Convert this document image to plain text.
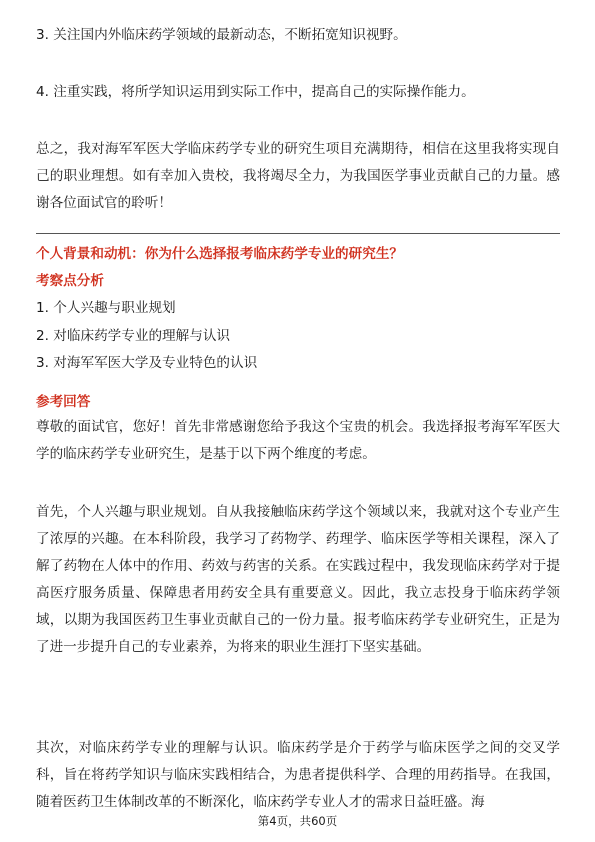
3. 关注国内外临床药学领域的最新动态，不断拓宽知识视野。

4. 注重实践，将所学知识运用到实际工作中，提高自己的实际操作能力。

总之，我对海军军医大学临床药学专业的研究生项目充满期待，相信在这里我将实现自己的职业理想。如有幸加入贵校，我将竭尽全力，为我国医学事业贡献自己的力量。感谢各位面试官的聆听！

个人背景和动机：你为什么选择报考临床药学专业的研究生？

考察点分析

1. 个人兴趣与职业规划
2. 对临床药学专业的理解与认识
3. 对海军军医大学及专业特色的认识

参考回答

尊敬的面试官，您好！首先非常感谢您给予我这个宝贵的机会。我选择报考海军军医大学的临床药学专业研究生，是基于以下两个维度的考虑。

首先，个人兴趣与职业规划。自从我接触临床药学这个领域以来，我就对这个专业产生了浓厚的兴趣。在本科阶段，我学习了药物学、药理学、临床医学等相关课程，深入了解了药物在人体中的作用、药效与药害的关系。在实践过程中，我发现临床药学对于提高医疗服务质量、保障患者用药安全具有重要意义。因此，我立志投身于临床药学领域，以期为我国医药卫生事业贡献自己的一份力量。报考临床药学专业研究生，正是为了进一步提升自己的专业素养，为将来的职业生涯打下坚实基础。

其次，对临床药学专业的理解与认识。临床药学是介于药学与临床医学之间的交叉学科，旨在将药学知识与临床实践相结合，为患者提供科学、合理的用药指导。在我国，随着医药卫生体制改革的不断深化，临床药学专业人才的需求日益旺盛。海

第4页，共60页
